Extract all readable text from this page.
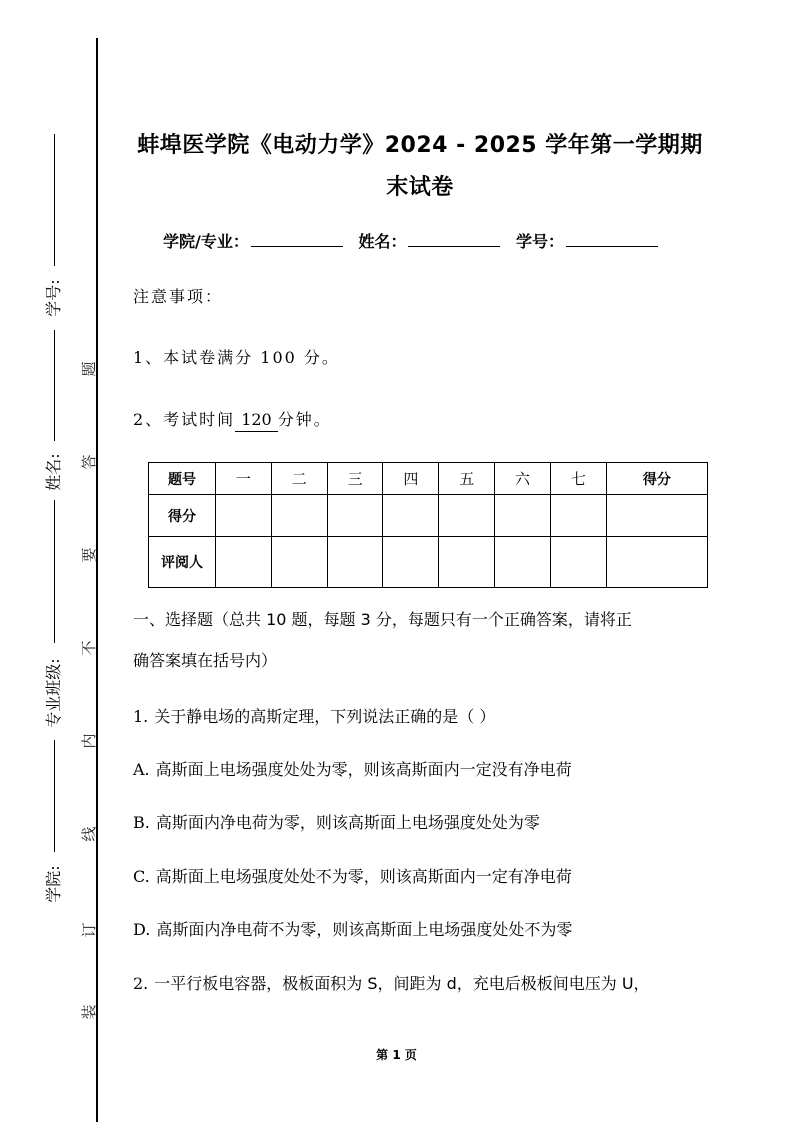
学号:
姓名:
专业班级:
学院:
题
答
要
不
内
线
订
装
蚌埠医学院《电动力学》2024 - 2025 学年第一学期期
末试卷
学院/专业：	姓名：	学号：
注意事项：
1、本试卷满分 100 分。
2、考试时间 120 分钟。
题号	一	二	三	四	五	六	七	得分
得分								
评阅人								
一、选择题（总共 10 题，每题 3 分，每题只有一个正确答案，请将正
确答案填在括号内）
1. 关于静电场的高斯定理，下列说法正确的是（ ）
A. 高斯面上电场强度处处为零，则该高斯面内一定没有净电荷
B. 高斯面内净电荷为零，则该高斯面上电场强度处处为零
C. 高斯面上电场强度处处不为零，则该高斯面内一定有净电荷
D. 高斯面内净电荷不为零，则该高斯面上电场强度处处不为零
2. 一平行板电容器，极板面积为 S，间距为 d，充电后极板间电压为 U，
第 1 页
